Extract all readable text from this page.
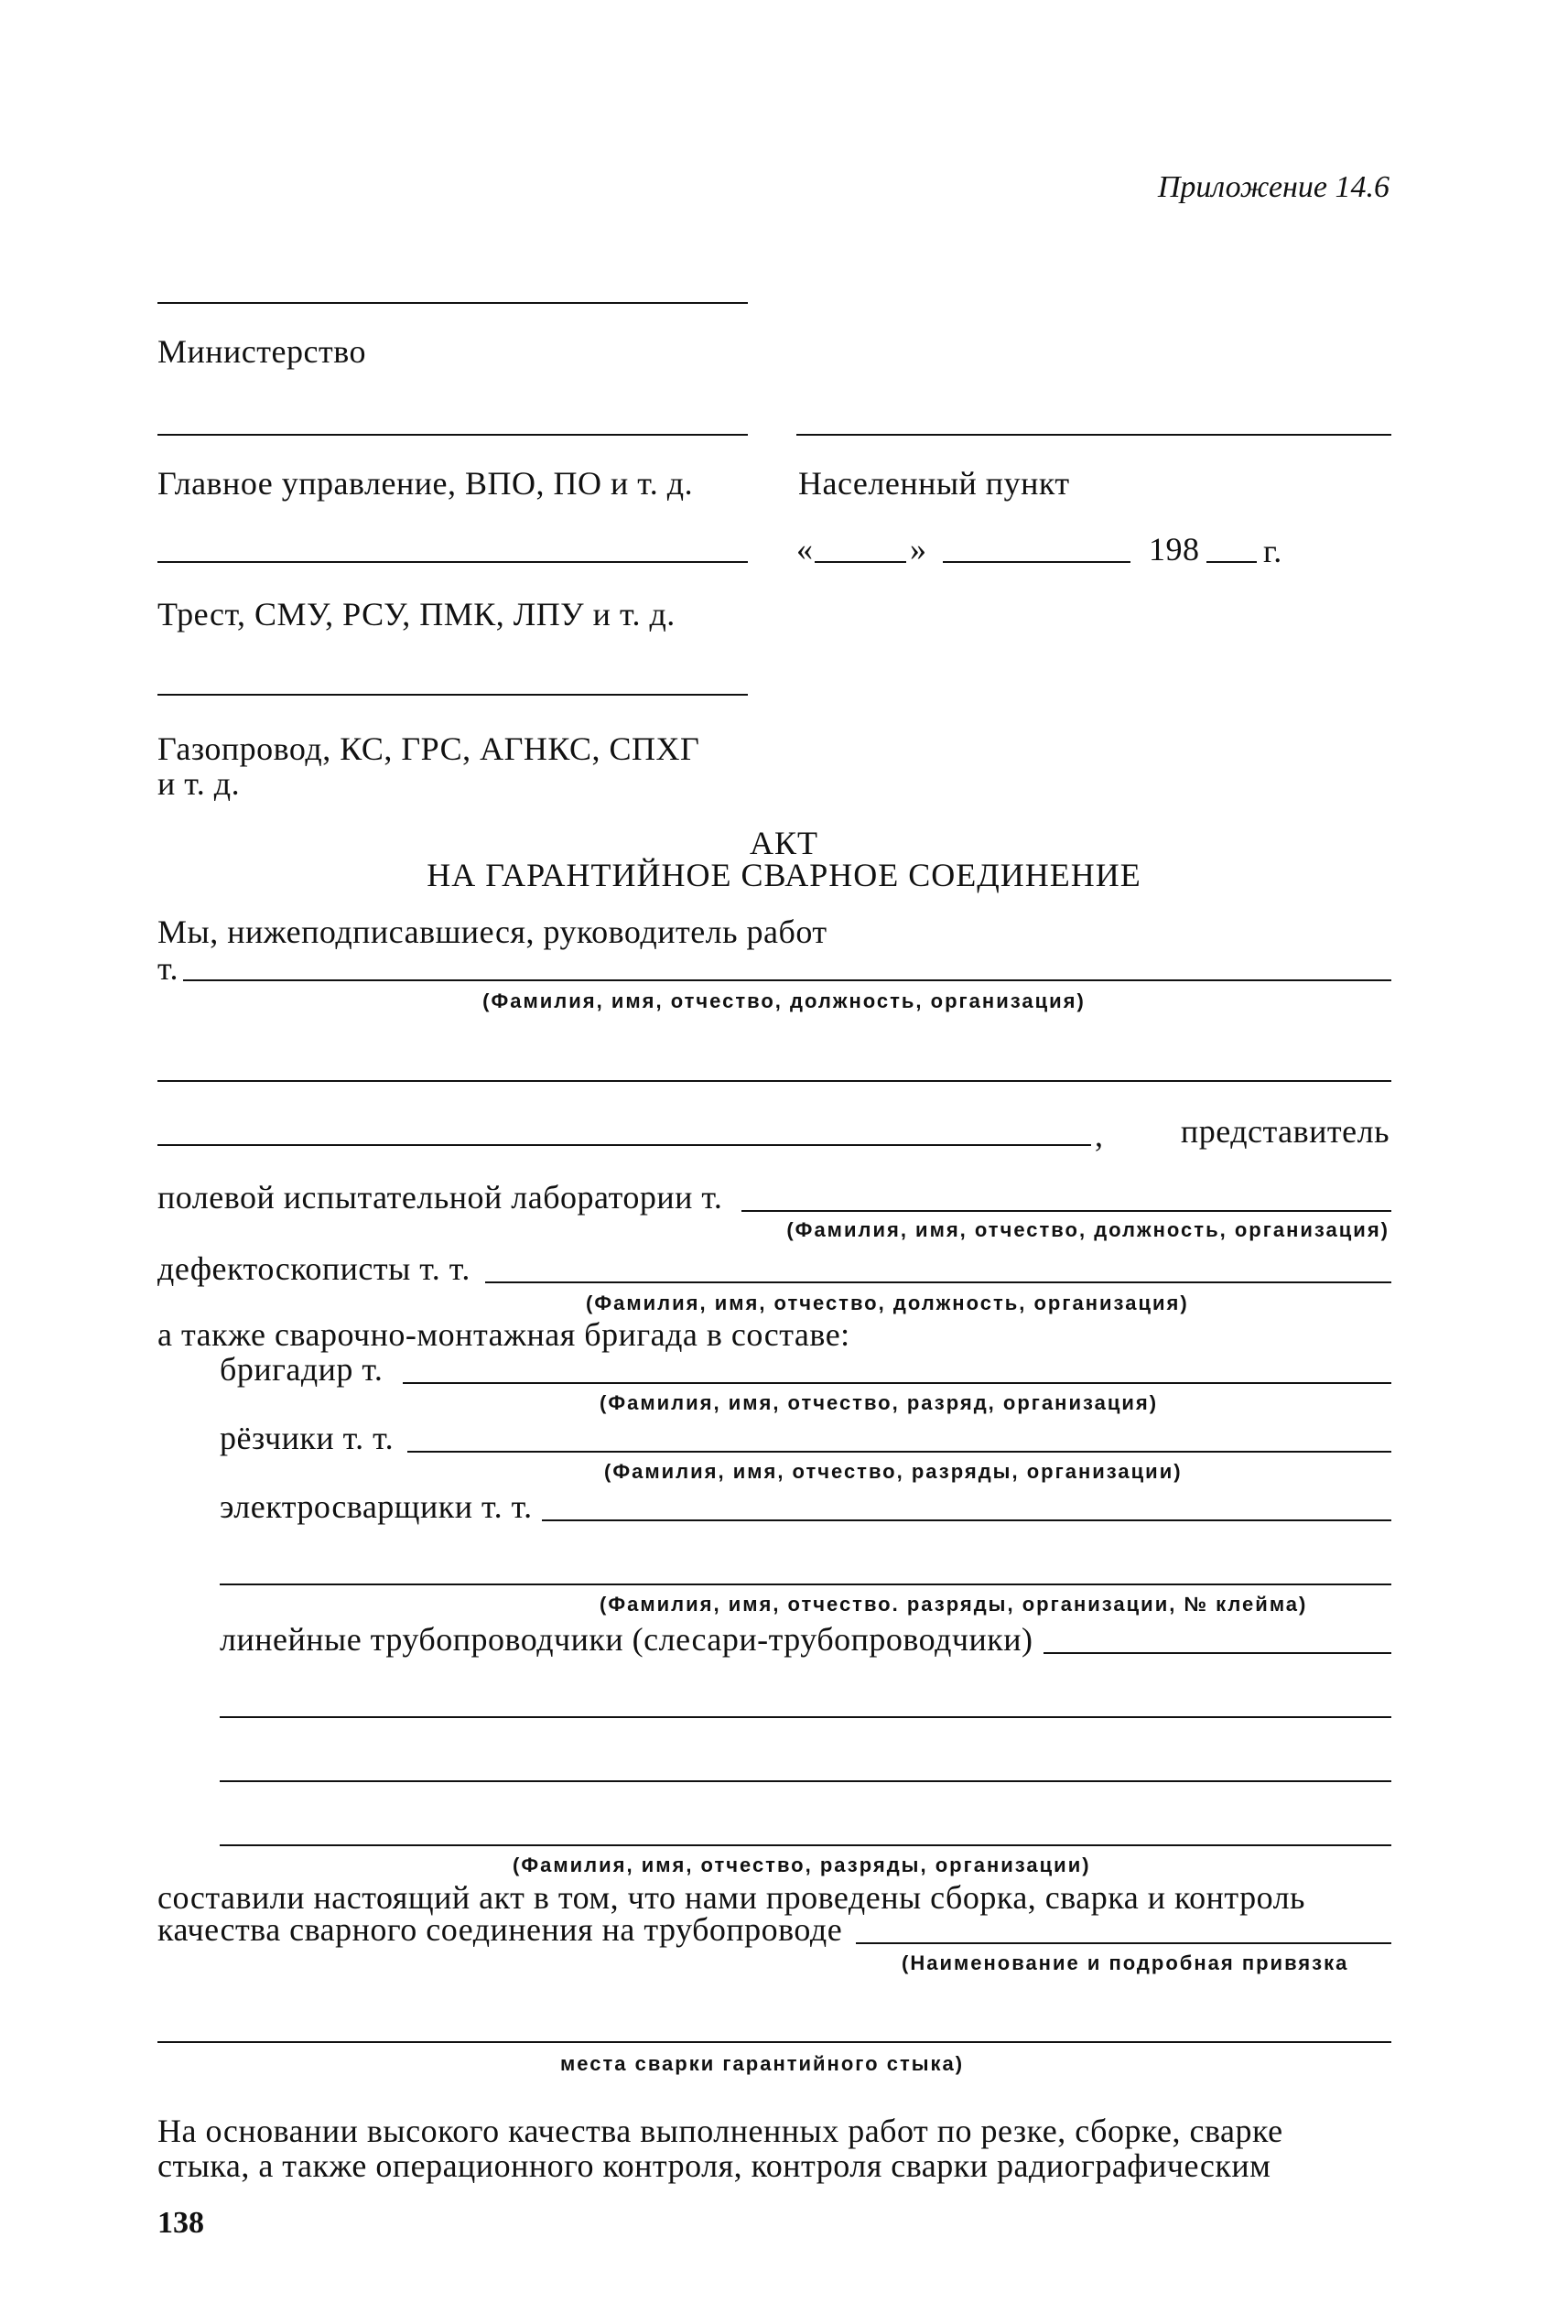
Приложение 14.6
Министерство
Главное управление, ВПО, ПО и т. д.
Трест, СМУ, РСУ, ПМК, ЛПУ и т. д.
Газопровод, КС, ГРС, АГНКС, СПХГ
и т. д.
Населенный пункт
«	»	198 г.
АКТ
НА ГАРАНТИЙНОЕ СВАРНОЕ СОЕДИНЕНИЕ
Мы, нижеподписавшиеся, руководитель работ
т.
(Фамилия, имя, отчество, должность, организация)
, представитель
полевой испытательной лаборатории т.
(Фамилия, имя, отчество, должность, организация)
дефектоскописты т. т.
(Фамилия, имя, отчество, должность, организация)
а также сварочно-монтажная бригада в составе:
бригадир т.
(Фамилия, имя, отчество, разряд, организация)
рёзчики т. т.
(Фамилия, имя, отчество, разряды, организации)
электросварщики т. т.
(Фамилия, имя, отчество. разряды, организации, № клейма)
линейные трубопроводчики (слесари-трубопроводчики)
(Фамилия, имя, отчество, разряды, организации)
составили настоящий акт в том, что нами проведены сборка, сварка и контроль
качества сварного соединения на трубопроводе
(Наименование и подробная привязка
места сварки гарантийного стыка)
На основании высокого качества выполненных работ по резке, сборке, сварке
стыка, а также операционного контроля, контроля сварки радиографическим
138
